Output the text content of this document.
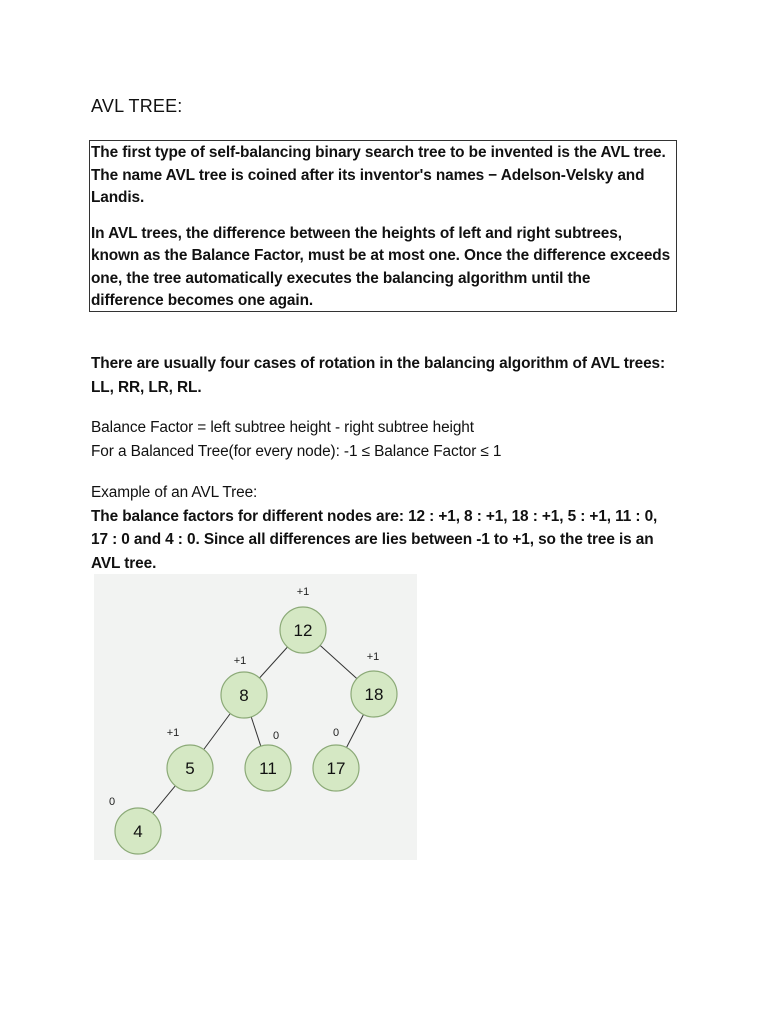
AVL TREE:

The first type of self-balancing binary search tree to be invented is the AVL tree.
The name AVL tree is coined after its inventor's names − Adelson-Velsky and
Landis.

In AVL trees, the difference between the heights of left and right subtrees,
known as the Balance Factor, must be at most one. Once the difference exceeds
one, the tree automatically executes the balancing algorithm until the
difference becomes one again.

There are usually four cases of rotation in the balancing algorithm of AVL trees:
LL, RR, LR, RL.
Balance Factor = left subtree height - right subtree height
For a Balanced Tree(for every node): -1 ≤ Balance Factor ≤ 1
Example of an AVL Tree:
The balance factors for different nodes are: 12 : +1, 8 : +1, 18 : +1, 5 : +1, 11 : 0,
17 : 0 and 4 : 0. Since all differences are lies between -1 to +1, so the tree is an
AVL tree.
12
+1
8
+1
18
+1
5
+1
11
0
17
0
4
0
